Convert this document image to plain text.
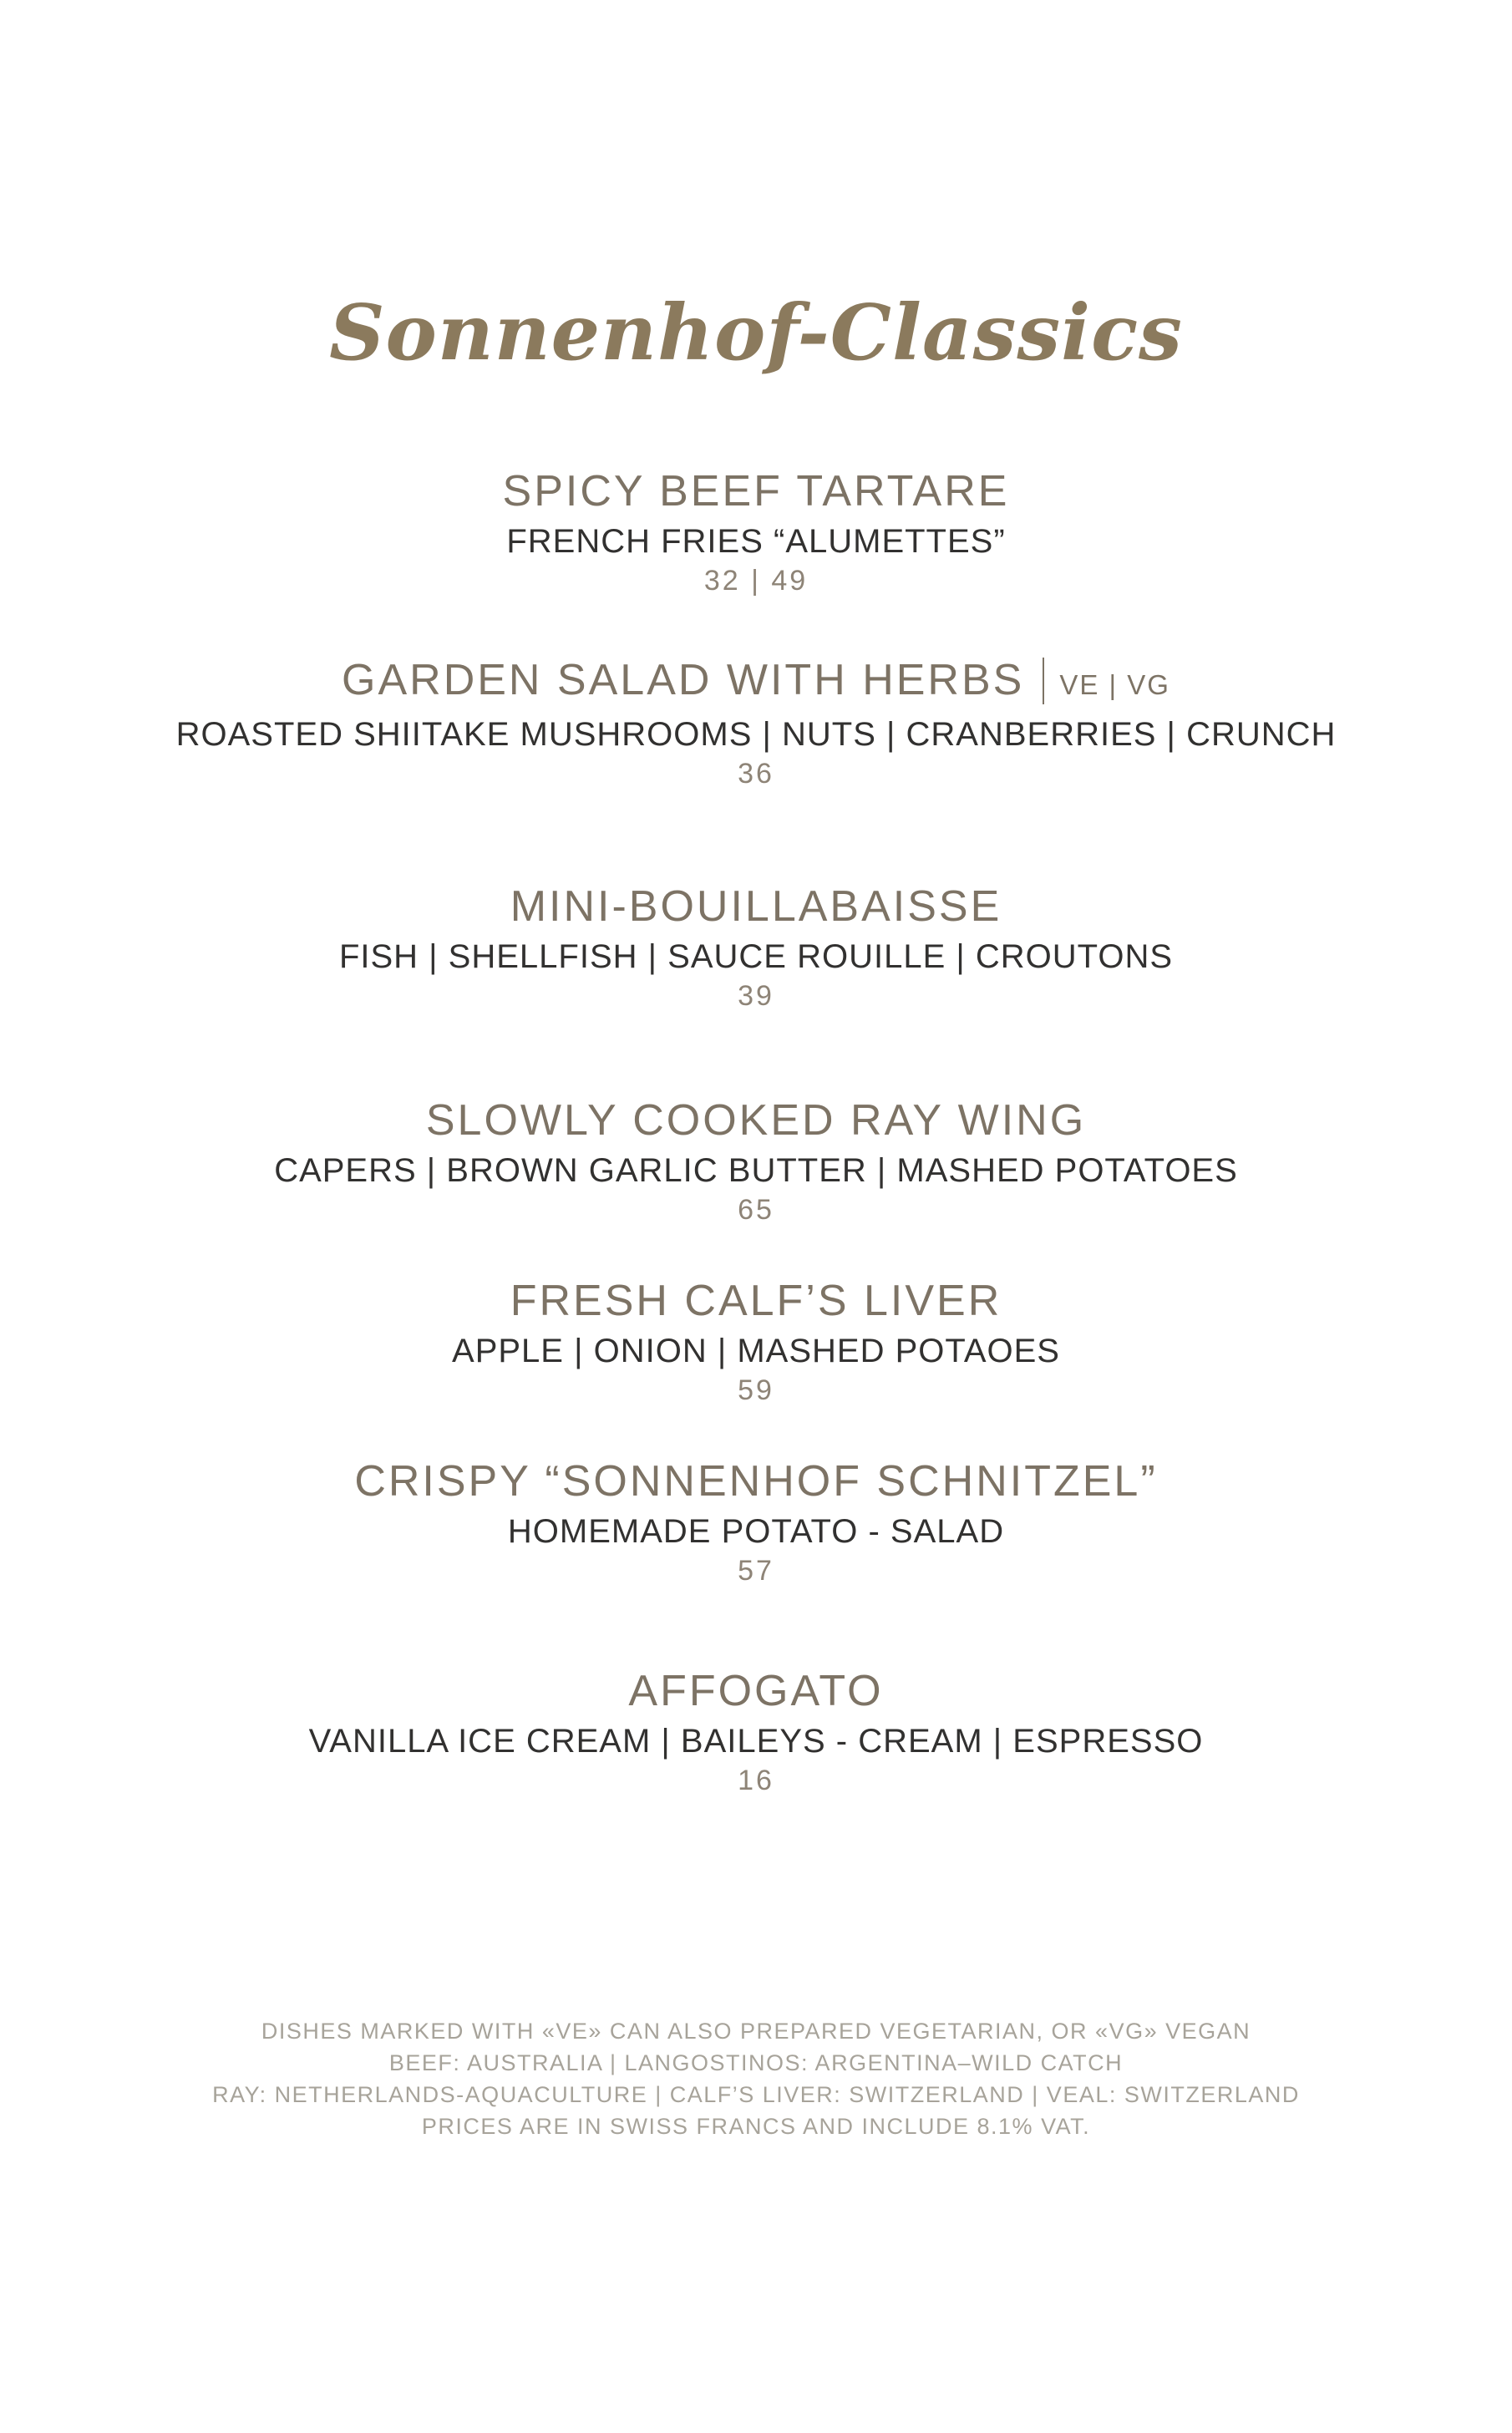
Sonnenhof-Classics
SPICY BEEF TARTARE

FRENCH FRIES “ALUMETTES”

32 | 49

GARDEN SALAD WITH HERBS VE | VG

ROASTED SHIITAKE MUSHROOMS | NUTS | CRANBERRIES | CRUNCH

36

MINI-BOUILLABAISSE

FISH | SHELLFISH | SAUCE ROUILLE | CROUTONS

39

SLOWLY COOKED RAY WING

CAPERS | BROWN GARLIC BUTTER | MASHED POTATOES

65

FRESH CALF’S LIVER

APPLE | ONION | MASHED POTAOES

59

CRISPY “SONNENHOF SCHNITZEL”

HOMEMADE POTATO - SALAD

57

AFFOGATO

VANILLA ICE CREAM | BAILEYS - CREAM | ESPRESSO

16

DISHES MARKED WITH «VE» CAN ALSO PREPARED VEGETARIAN, OR «VG» VEGAN

BEEF: AUSTRALIA | LANGOSTINOS: ARGENTINA–WILD CATCH

RAY: NETHERLANDS-AQUACULTURE | CALF’S LIVER: SWITZERLAND | VEAL: SWITZERLAND

PRICES ARE IN SWISS FRANCS AND INCLUDE 8.1% VAT.
